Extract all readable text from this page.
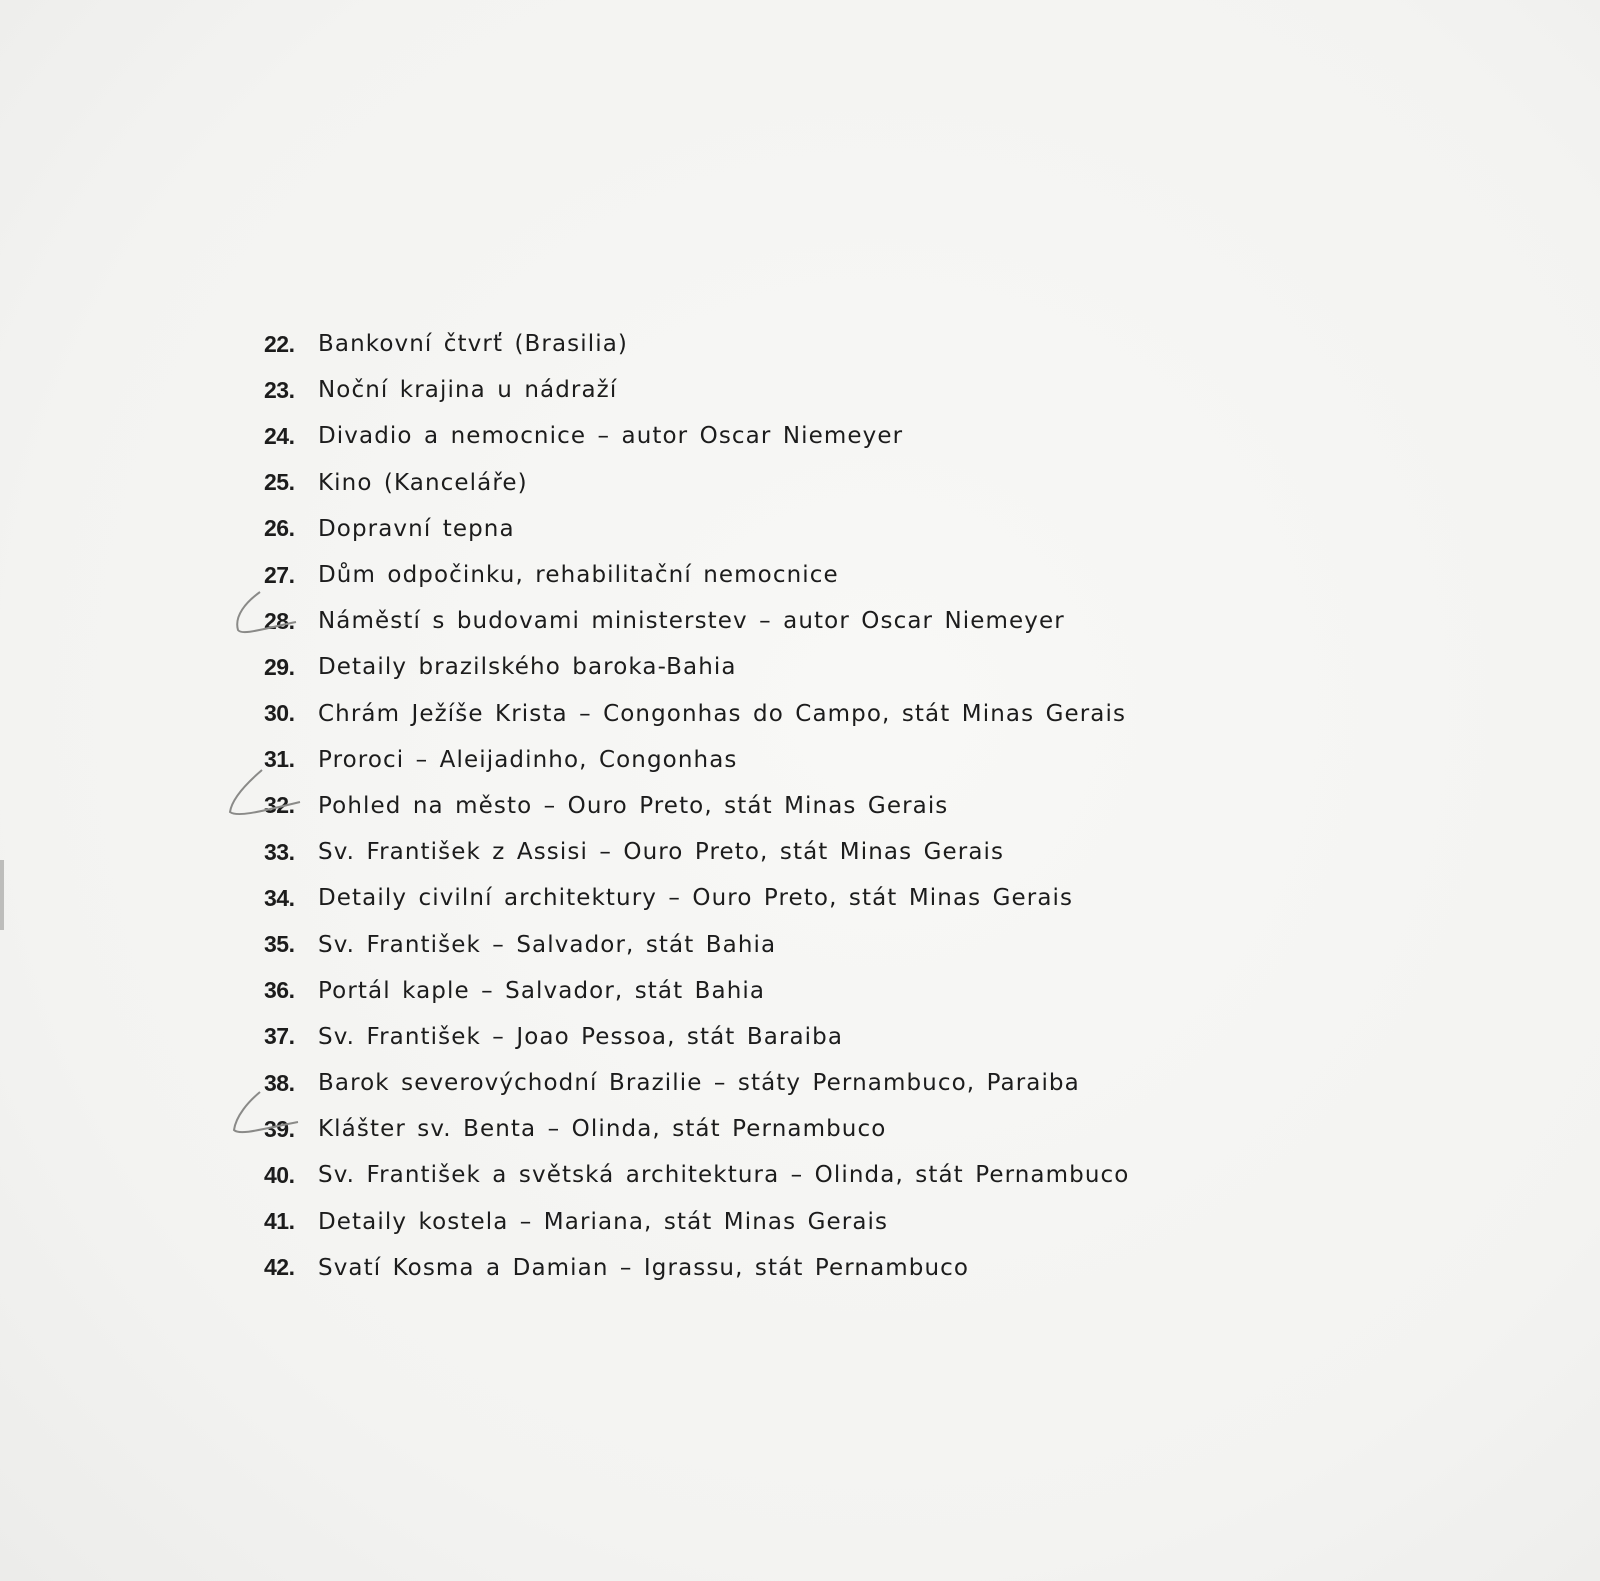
22.	Bankovní čtvrť (Brasilia)
23.	Noční krajina u nádraží
24.	Divadio a nemocnice – autor Oscar Niemeyer
25.	Kino (Kanceláře)
26.	Dopravní tepna
27.	Dům odpočinku, rehabilitační nemocnice
28.	Náměstí s budovami ministerstev – autor Oscar Niemeyer
29.	Detaily brazilského baroka-Bahia
30.	Chrám Ježíše Krista – Congonhas do Campo, stát Minas Gerais
31.	Proroci – Aleijadinho, Congonhas
32.	Pohled na město – Ouro Preto, stát Minas Gerais
33.	Sv. František z Assisi – Ouro Preto, stát Minas Gerais
34.	Detaily civilní architektury – Ouro Preto, stát Minas Gerais
35.	Sv. František – Salvador, stát Bahia
36.	Portál kaple – Salvador, stát Bahia
37.	Sv. František – Joao Pessoa, stát Baraiba
38.	Barok severovýchodní Brazilie – státy Pernambuco, Paraiba
39.	Klášter sv. Benta – Olinda, stát Pernambuco
40.	Sv. František a světská architektura – Olinda, stát Pernambuco
41.	Detaily kostela – Mariana, stát Minas Gerais
42.	Svatí Kosma a Damian – Igrassu, stát Pernambuco
